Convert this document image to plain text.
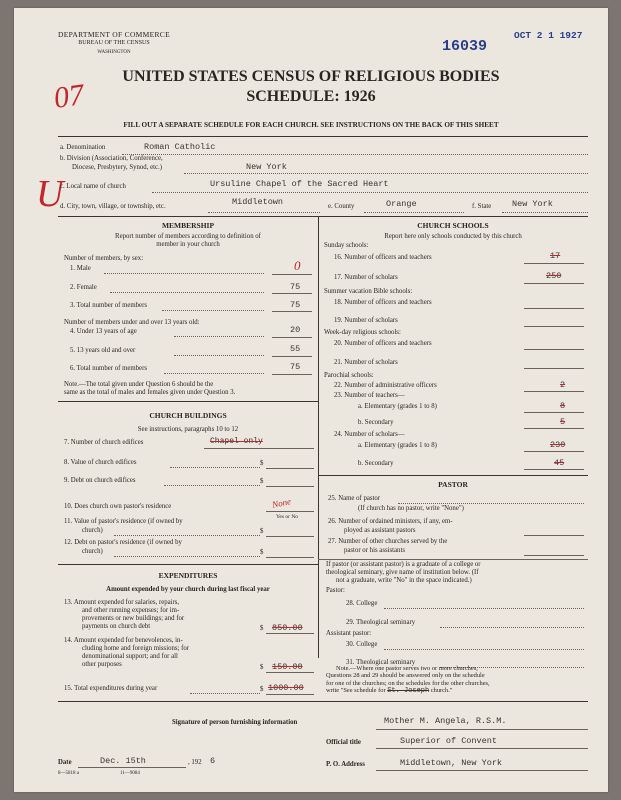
DEPARTMENT OF COMMERCE
BUREAU OF THE CENSUS
WASHINGTON	16039
OCT 2 1 1927
07
U
UNITED STATES CENSUS OF RELIGIOUS BODIES
SCHEDULE: 1926
FILL OUT A SEPARATE SCHEDULE FOR EACH CHURCH. SEE INSTRUCTIONS ON THE BACK OF THIS SHEET
a. Denomination	Roman Catholic
b. Division (Association, Conference,
Diocese, Presbytery, Synod, etc.)	New York
c. Local name of church	Ursuline Chapel of the Sacred Heart
d. City, town, village, or township, etc.	Middletown	e. County	Orange	f. State New York
MEMBERSHIP
Report number of members according to definition of
member in your church
Number of members, by sex:
1. Male	0
2. Female	75
3. Total number of members	75
Number of members under and over 13 years old:
4. Under 13 years of age	20
5. 13 years old and over	55
6. Total number of members	75
Note.—The total given under Question 6 should be the
same as the total of males and females given under Question 3.
CHURCH BUILDINGS
See instructions, paragraphs 10 to 12
7. Number of church edifices	Chapel only
8. Value of church edifices	$
9. Debt on church edifices	$
10. Does church own pastor's residence	None
Yes or No
11. Value of pastor's residence (if owned by
church)	$
12. Debt on pastor's residence (if owned by
church)	$
EXPENDITURES
Amount expended by your church during last fiscal year
13. Amount expended for salaries, repairs,
and other running expenses; for im-
provements or new buildings; and for
payments on church debt	$ 850.00
14. Amount expended for benevolences, in-
cluding home and foreign missions; for
denominational support; and for all
other purposes	$ 150.00
15. Total expenditures during year	$ 1000.00
CHURCH SCHOOLS
Report here only schools conducted by this church
Sunday schools:
16. Number of officers and teachers	17
17. Number of scholars	250
Summer vacation Bible schools:
18. Number of officers and teachers
19. Number of scholars
Week-day religious schools:
20. Number of officers and teachers
21. Number of scholars
Parochial schools:
22. Number of administrative officers	2
23. Number of teachers—
a. Elementary (grades 1 to 8)	8
b. Secondary	5
24. Number of scholars—
a. Elementary (grades 1 to 8)	230
b. Secondary	45
PASTOR
25. Name of pastor
(If church has no pastor, write "None")
26. Number of ordained ministers, if any, em-
ployed as assistant pastors
27. Number of other churches served by the
pastor or his assistants
If pastor (or assistant pastor) is a graduate of a college or
theological seminary, give name of institution below. (If
not a graduate, write "No" in the space indicated.)
Pastor:
28. College
29. Theological seminary
Assistant pastor:
30. College
31. Theological seminary
Note.—Where one pastor serves two or more churches,
Questions 28 and 29 should be answered only on the schedule
for one of the churches; on the schedules for the other churches,
write "See schedule for St. Joseph church."
Signature of person furnishing information	Mother M. Angela, R.S.M.
Official title	Superior of Convent
Date	Dec. 15th	, 192 6
8—5818 a	11—9084
P. O. Address	Middletown, New York
